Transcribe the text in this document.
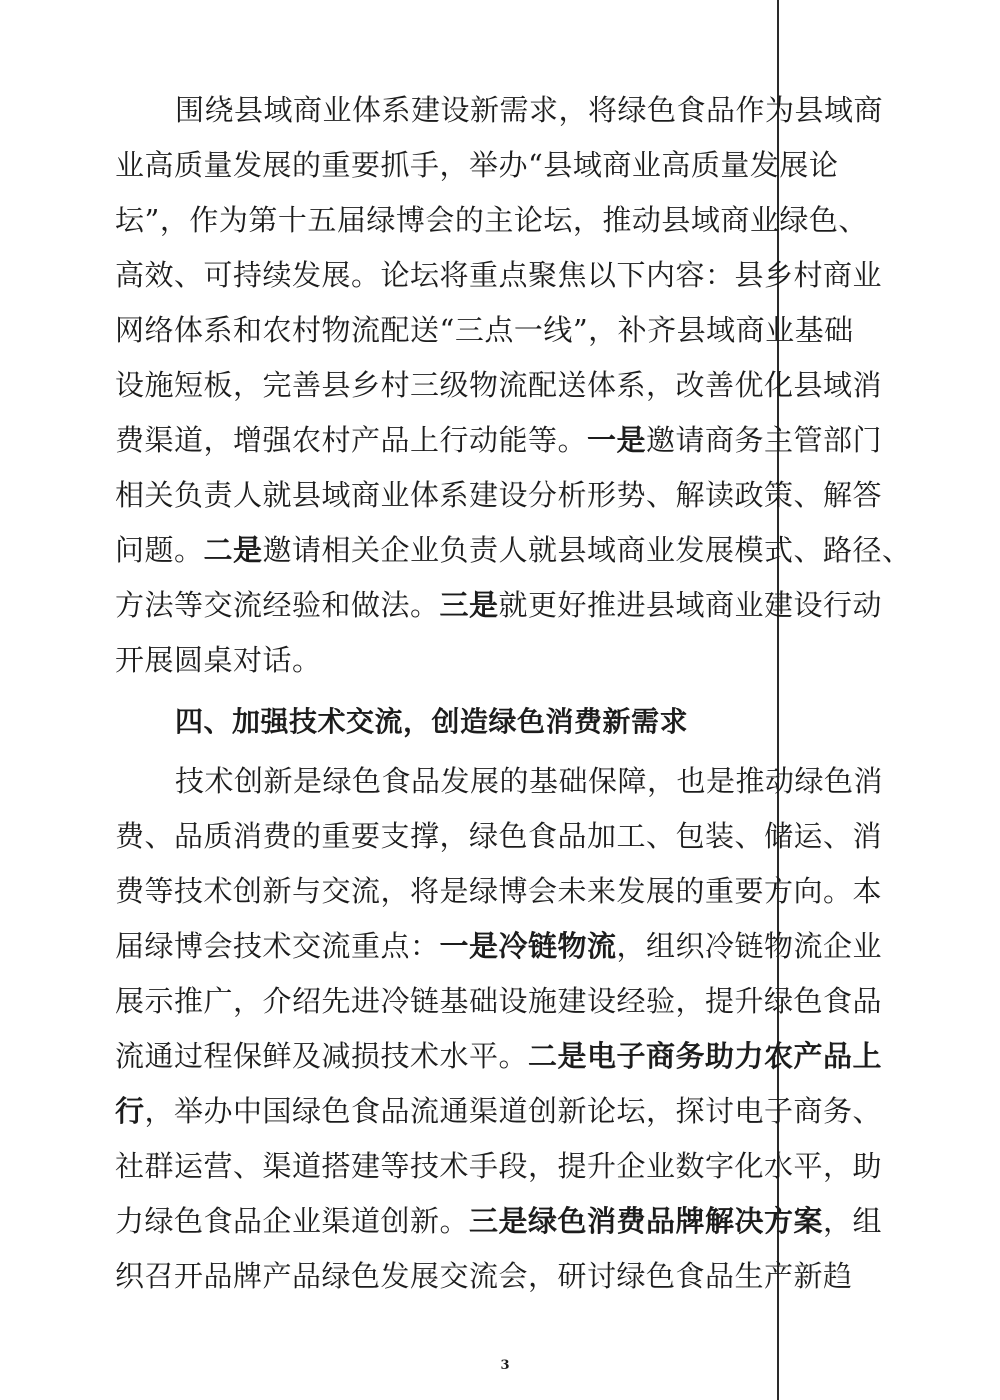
围绕县域商业体系建设新需求，将绿色食品作为县域商
业高质量发展的重要抓手，举办“县域商业高质量发展论
坛”，作为第十五届绿博会的主论坛，推动县域商业绿色、
高效、可持续发展。论坛将重点聚焦以下内容：县乡村商业
网络体系和农村物流配送“三点一线”，补齐县域商业基础
设施短板，完善县乡村三级物流配送体系，改善优化县域消
费渠道，增强农村产品上行动能等。一是邀请商务主管部门
相关负责人就县域商业体系建设分析形势、解读政策、解答
问题。二是邀请相关企业负责人就县域商业发展模式、路径、
方法等交流经验和做法。三是就更好推进县域商业建设行动
开展圆桌对话。
四、加强技术交流，创造绿色消费新需求
技术创新是绿色食品发展的基础保障，也是推动绿色消
费、品质消费的重要支撑，绿色食品加工、包装、储运、消
费等技术创新与交流，将是绿博会未来发展的重要方向。本
届绿博会技术交流重点：一是冷链物流，组织冷链物流企业
展示推广，介绍先进冷链基础设施建设经验，提升绿色食品
流通过程保鲜及减损技术水平。二是电子商务助力农产品上
行，举办中国绿色食品流通渠道创新论坛，探讨电子商务、
社群运营、渠道搭建等技术手段，提升企业数字化水平，助
力绿色食品企业渠道创新。三是绿色消费品牌解决方案，组
织召开品牌产品绿色发展交流会，研讨绿色食品生产新趋
3
